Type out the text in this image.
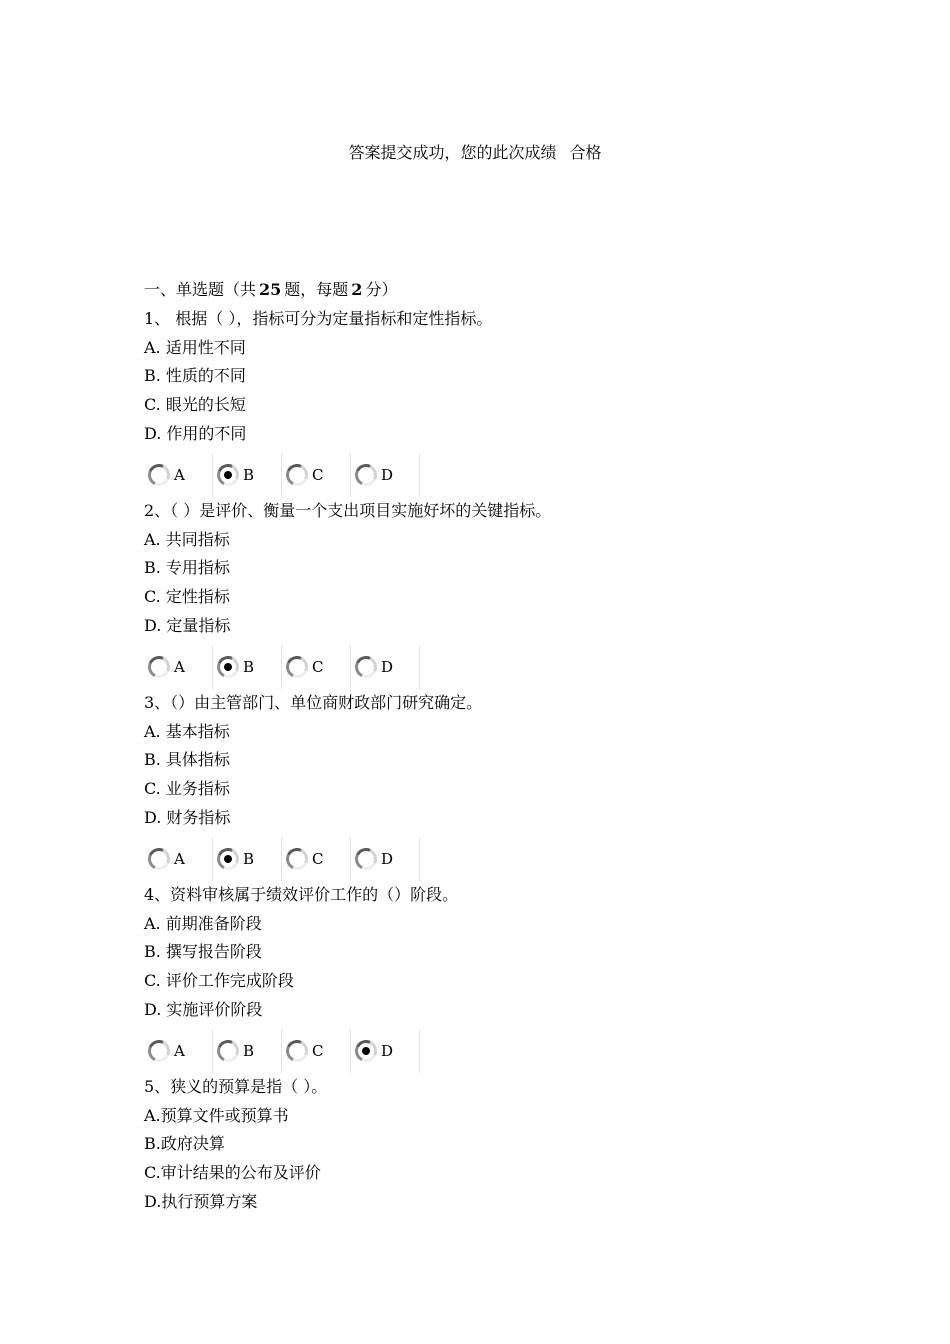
答案提交成功，您的此次成绩 合格
一、单选题（共 25 题，每题 2 分）
1、 根据（ ），指标可分为定量指标和定性指标。
A. 适用性不同
B. 性质的不同
C. 眼光的长短
D. 作用的不同
A	B	C	D
2、（ ）是评价、衡量一个支出项目实施好坏的关键指标。
A. 共同指标
B. 专用指标
C. 定性指标
D. 定量指标
A	B	C	D
3、（）由主管部门、单位商财政部门研究确定。
A. 基本指标
B. 具体指标
C. 业务指标
D. 财务指标
A	B	C	D
4、资料审核属于绩效评价工作的（）阶段。
A. 前期准备阶段
B. 撰写报告阶段
C. 评价工作完成阶段
D. 实施评价阶段
A	B	C	D
5、狭义的预算是指（ ）。
A.预算文件或预算书
B.政府决算
C.审计结果的公布及评价
D.执行预算方案
